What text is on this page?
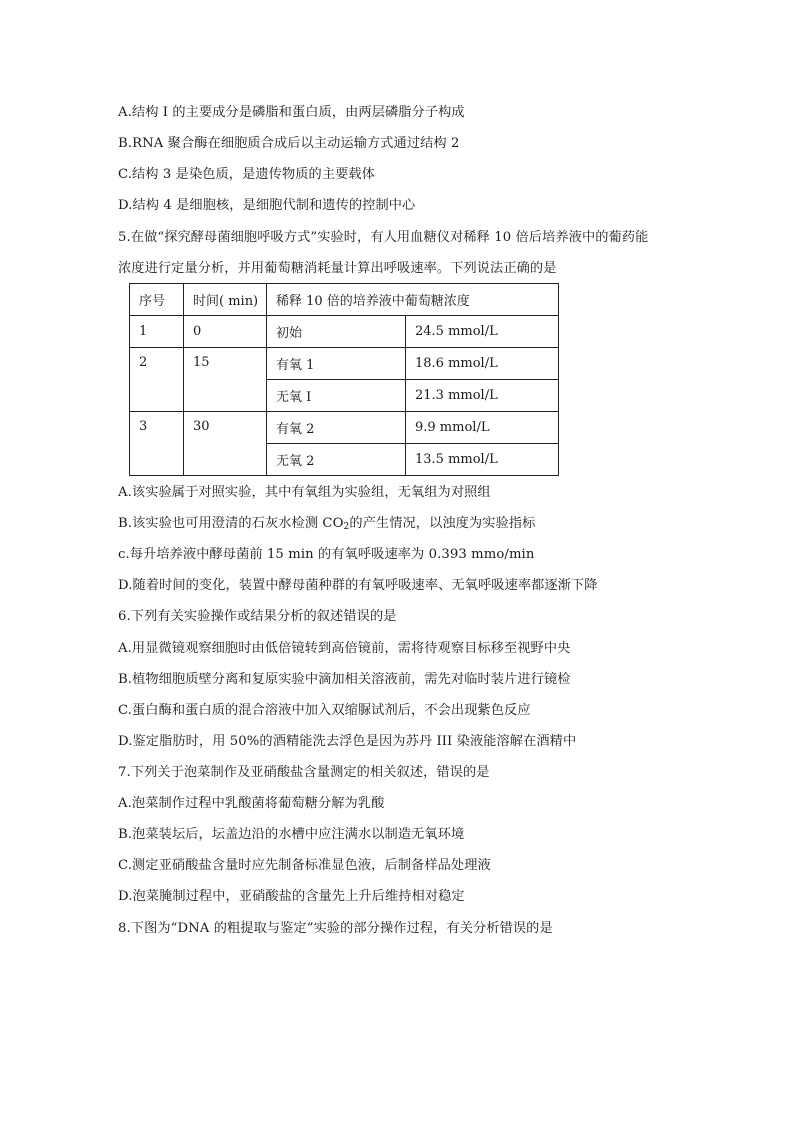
A.结构 I 的主要成分是磷脂和蛋白质，由两层磷脂分子构成
B.RNA 聚合酶在细胞质合成后以主动运输方式通过结构 2
C.结构 3 是染色质，是遗传物质的主要载体
D.结构 4 是细胞核，是细胞代制和遗传的控制中心
5.在做“探究酵母菌细胞呼吸方式”实验时，有人用血糖仪对稀释 10 倍后培养液中的葡药能
浓度进行定量分析，并用葡萄糖消耗量计算出呼吸速率。下列说法正确的是
序号	时间( min)	稀释 10 倍的培养液中葡萄糖浓度	
1	0	初始	24.5 mmol/L
2	15	有氧 1	18.6 mmol/L
		无氧 I	21.3 mmol/L
3	30	有氧 2	9.9 mmol/L
		无氧 2	13.5 mmol/L
A.该实验属于对照实验，其中有氧组为实验组，无氧组为对照组
B.该实验也可用澄清的石灰水检测 $CO_2$的产生情况，以浊度为实验指标
c.每升培养液中酵母菌前 15 min 的有氧呼吸速率为 0.393 mmo/min
D.随着时间的变化，装置中酵母菌种群的有氧呼吸速率、无氧呼吸速率都逐渐下降
6.下列有关实验操作或结果分析的叙述错误的是
A.用显微镜观察细胞时由低倍镜转到高倍镜前，需将待观察目标移至视野中央
B.植物细胞质壁分离和复原实验中滴加相关溶液前，需先对临时装片进行镜检
C.蛋白酶和蛋白质的混合溶液中加入双缩脲试剂后，不会出现紫色反应
D.鉴定脂肪时，用 50%的酒精能洗去浮色是因为苏丹 III 染液能溶解在酒精中
7.下列关于泡菜制作及亚硝酸盐含量测定的相关叙述，错误的是
A.泡菜制作过程中乳酸菌将葡萄糖分解为乳酸
B.泡菜装坛后，坛盖边沿的水槽中应注满水以制造无氧环境
C.测定亚硝酸盐含量时应先制备标准显色液，后制备样品处理液
D.泡菜腌制过程中，亚硝酸盐的含量先上升后维持相对稳定
8.下图为“DNA 的粗提取与鉴定”实验的部分操作过程，有关分析错误的是
